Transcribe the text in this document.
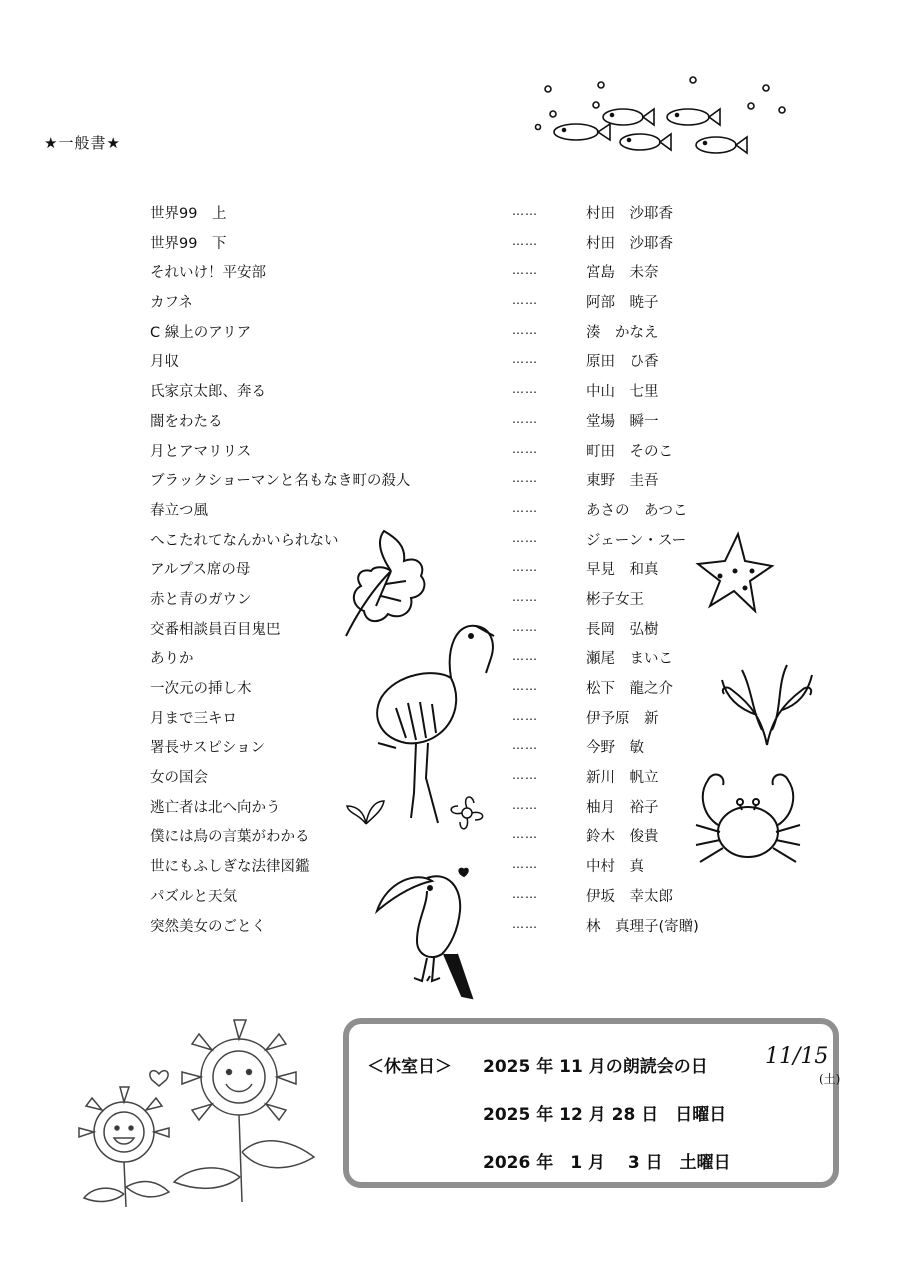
★一般書★
世界99　上	……	村田　沙耶香
世界99　下	……	村田　沙耶香
それいけ！平安部	……	宮島　未奈
カフネ	……	阿部　暁子
C 線上のアリア	……	湊　かなえ
月収	……	原田　ひ香
氏家京太郎、奔る	……	中山　七里
闇をわたる	……	堂場　瞬一
月とアマリリス	……	町田　そのこ
ブラックショーマンと名もなき町の殺人	……	東野　圭吾
春立つ風	……	あさの　あつこ
へこたれてなんかいられない	……	ジェーン・スー
アルプス席の母	……	早見　和真
赤と青のガウン	……	彬子女王
交番相談員百目鬼巴	……	長岡　弘樹
ありか	……	瀬尾　まいこ
一次元の挿し木	……	松下　龍之介
月まで三キロ	……	伊予原　新
署長サスピション	……	今野　敏
女の国会	……	新川　帆立
逃亡者は北へ向かう	……	柚月　裕子
僕には鳥の言葉がわかる	……	鈴木　俊貴
世にもふしぎな法律図鑑	……	中村　真
パズルと天気	……	伊坂　幸太郎
突然美女のごとく	……	林　真理子(寄贈)
＜休室日＞ 2025 年 11 月の朗読会の日	11/15
(土)
2025 年 12 月 28 日　日曜日
2026 年　1 月　 3 日　土曜日
